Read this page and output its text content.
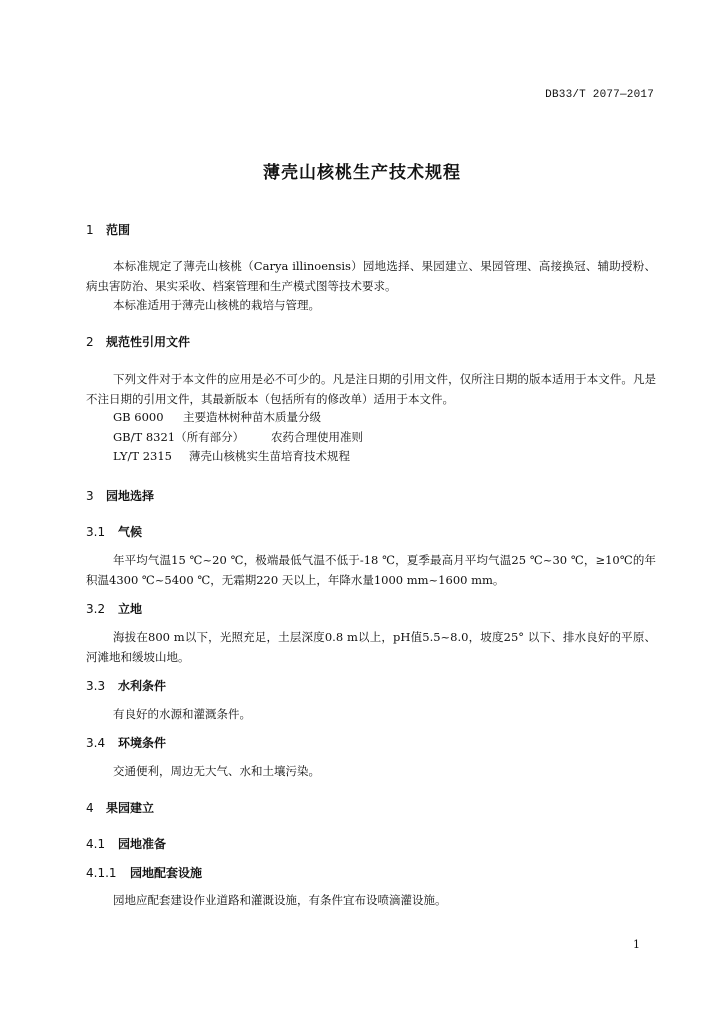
DB33/T 2077—2017
薄壳山核桃生产技术规程
1 范围
本标准规定了薄壳山核桃（Carya illinoensis）园地选择、果园建立、果园管理、高接换冠、辅助授粉、病虫害防治、果实采收、档案管理和生产模式图等技术要求。
本标准适用于薄壳山核桃的栽培与管理。
2 规范性引用文件
下列文件对于本文件的应用是必不可少的。凡是注日期的引用文件，仅所注日期的版本适用于本文件。凡是不注日期的引用文件，其最新版本（包括所有的修改单）适用于本文件。
GB 6000 主要造林树种苗木质量分级
GB/T 8321（所有部分） 农药合理使用准则
LY/T 2315 薄壳山核桃实生苗培育技术规程
3 园地选择
3.1 气候
年平均气温15 ℃~20 ℃，极端最低气温不低于-18 ℃，夏季最高月平均气温25 ℃~30 ℃，≥10℃的年积温4300 ℃~5400 ℃，无霜期220 天以上，年降水量1000 mm~1600 mm。
3.2 立地
海拔在800 m以下，光照充足，土层深度0.8 m以上，pH值5.5~8.0，坡度25° 以下、排水良好的平原、河滩地和缓坡山地。
3.3 水利条件
有良好的水源和灌溉条件。
3.4 环境条件
交通便利，周边无大气、水和土壤污染。
4 果园建立
4.1 园地准备
4.1.1 园地配套设施
园地应配套建设作业道路和灌溉设施，有条件宜布设喷滴灌设施。
1
